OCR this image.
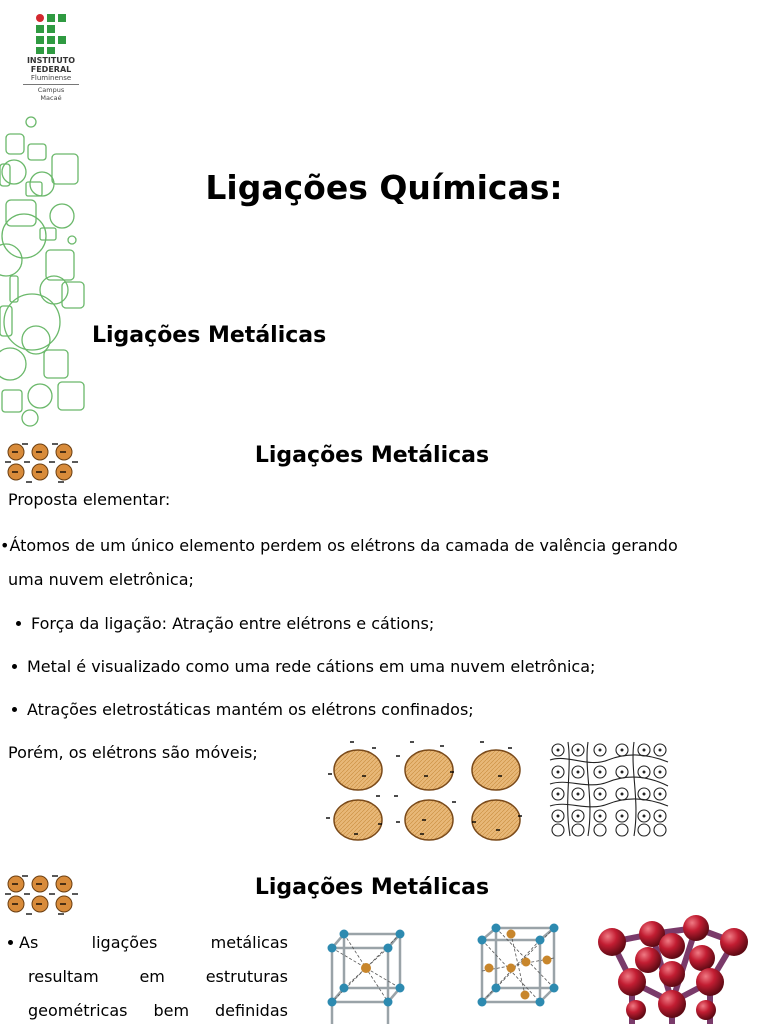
INSTITUTO
FEDERAL
Fluminense
Campus
Macaé
Ligações Químicas:
Ligações Metálicas
Ligações Metálicas
Proposta elementar:
•Átomos de um único elemento perdem os elétrons da camada de valência gerando
uma nuvem eletrônica;
Força da ligação: Atração entre elétrons e cátions;
Metal é visualizado como uma rede cátions em uma nuvem eletrônica;
Atrações eletrostáticas mantém os elétrons confinados;
Porém, os elétrons são móveis;
Ligações Metálicas
As	ligações	metálicas
resultam	em	estruturas
geométricas bem definidas
